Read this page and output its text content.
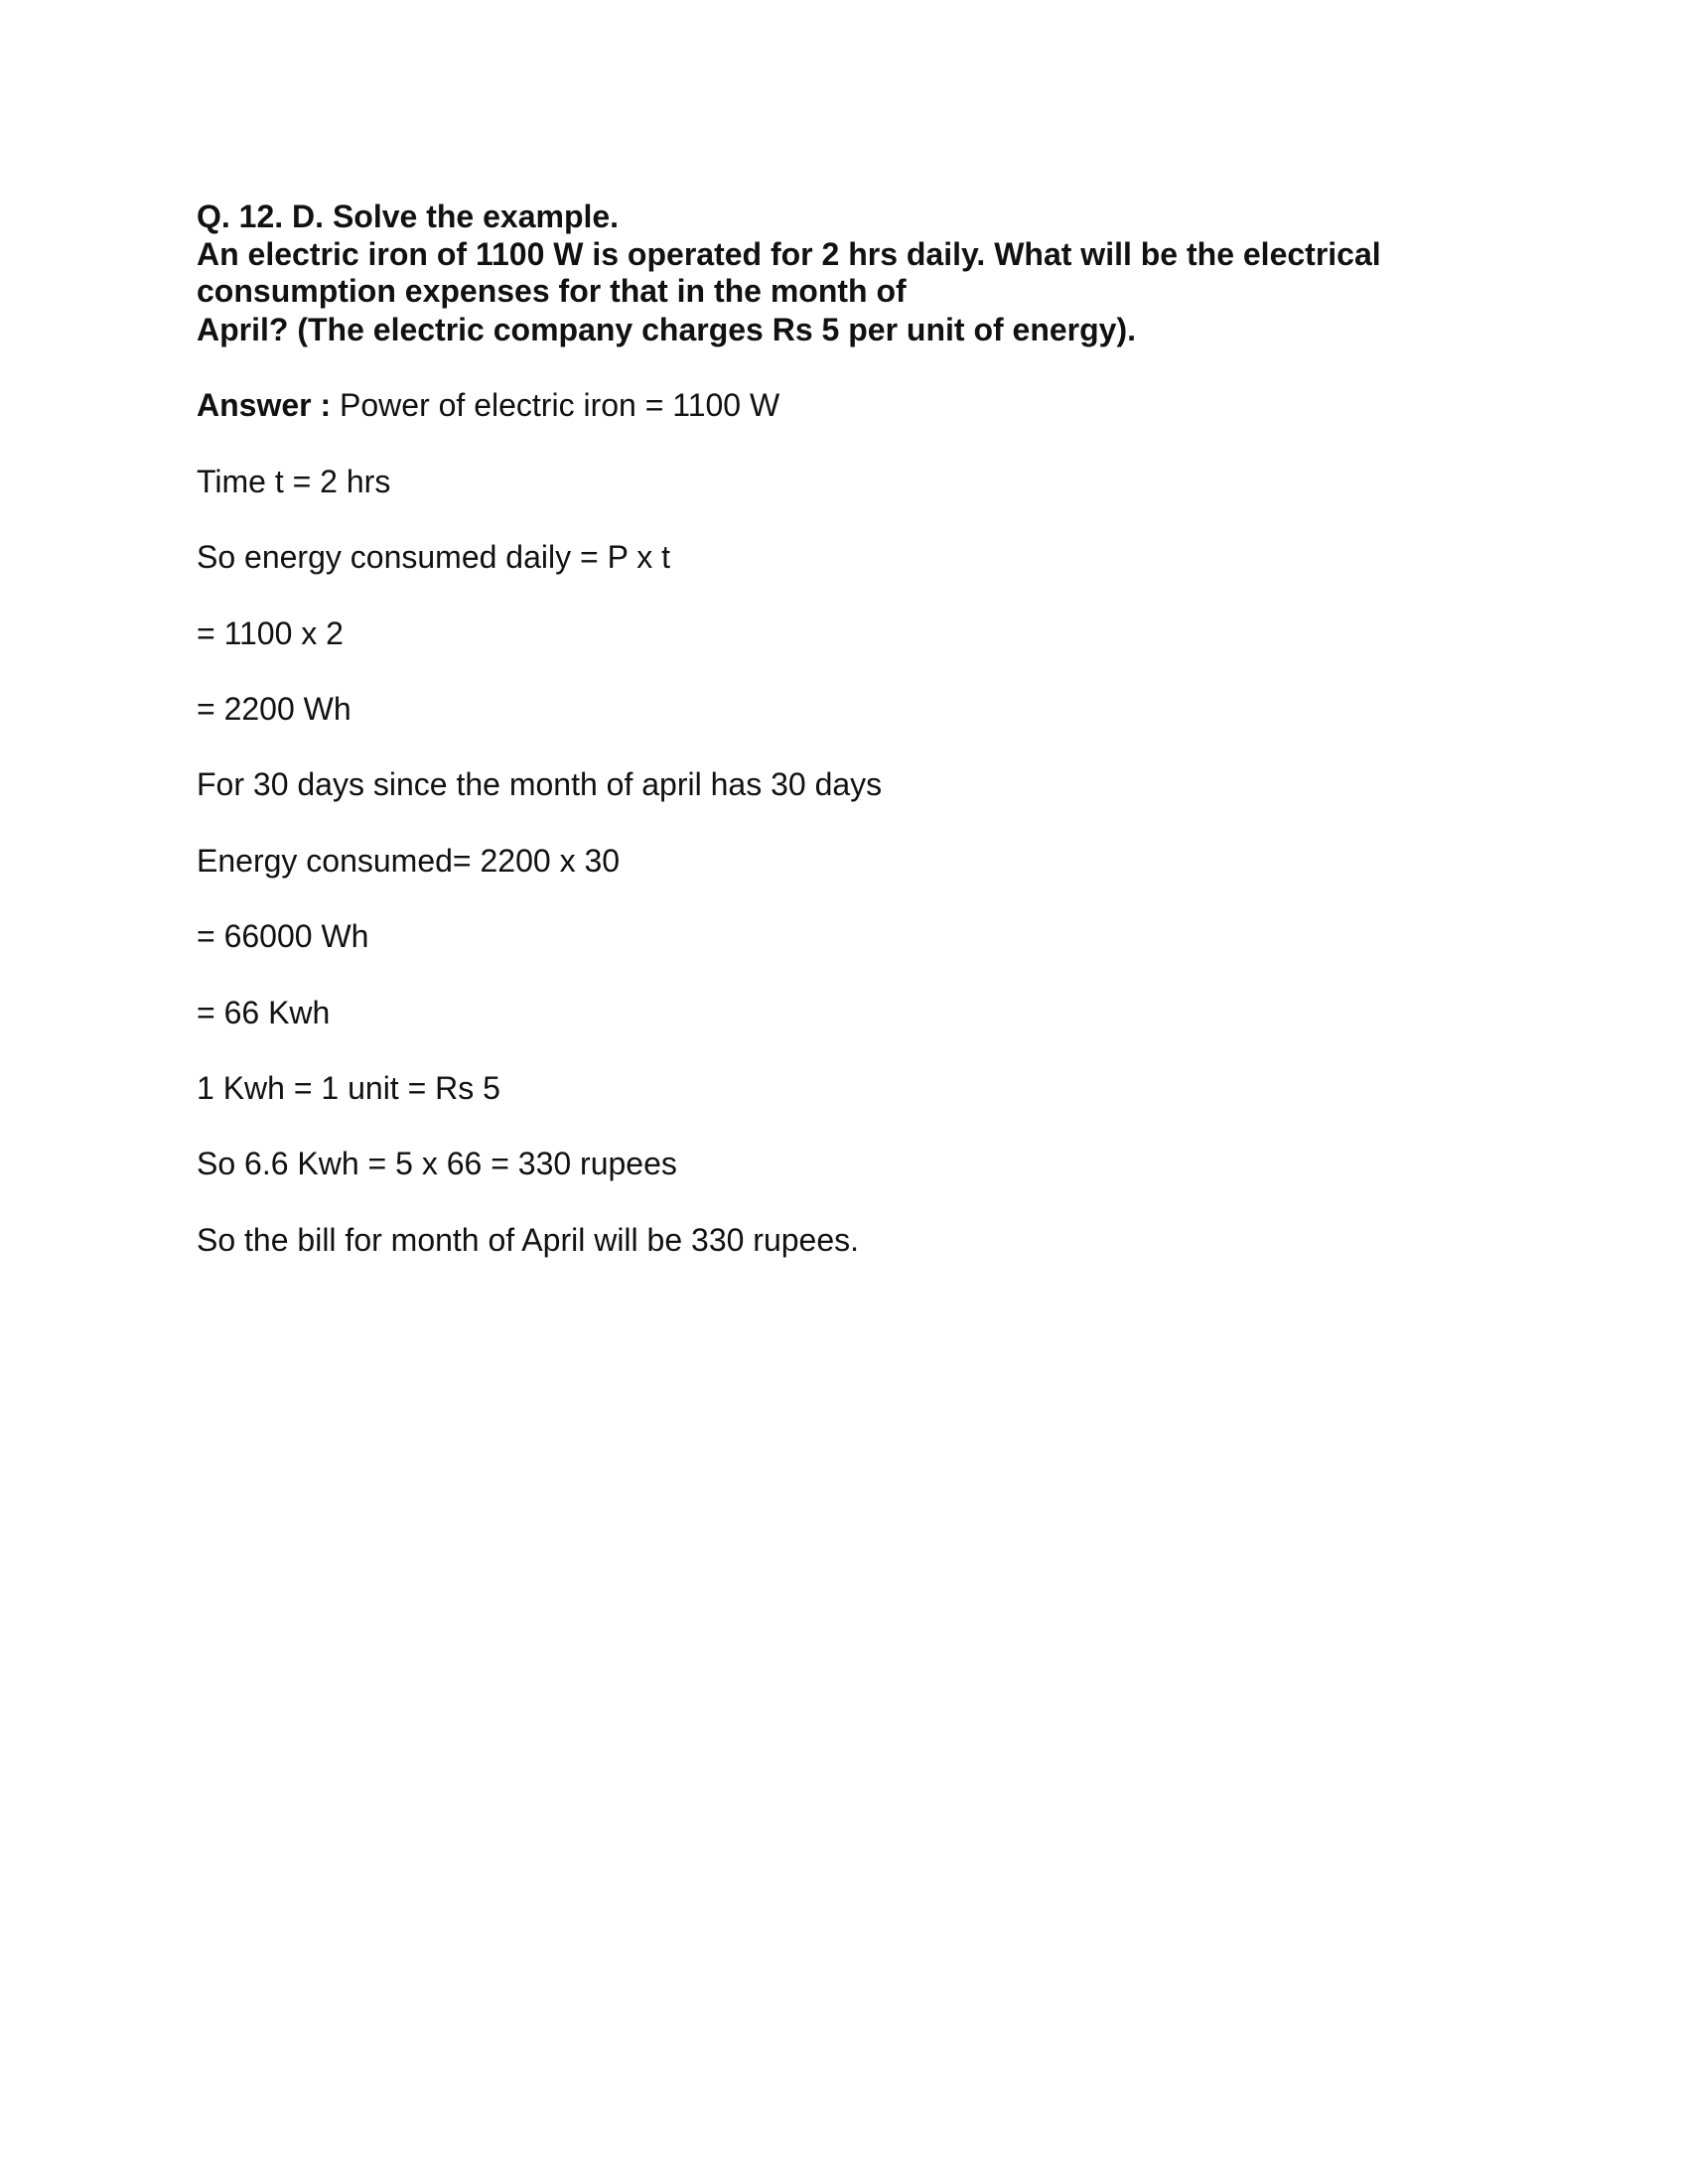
Q. 12. D. Solve the example.
An electric iron of 1100 W is operated for 2 hrs daily. What will be the electrical
consumption expenses for that in the month of
April? (The electric company charges Rs 5 per unit of energy).
Answer : Power of electric iron = 1100 W
Time t = 2 hrs
So energy consumed daily = P x t
= 1100 x 2
= 2200 Wh
For 30 days since the month of april has 30 days
Energy consumed= 2200 x 30
= 66000 Wh
= 66 Kwh
1 Kwh = 1 unit = Rs 5
So 6.6 Kwh = 5 x 66 = 330 rupees
So the bill for month of April will be 330 rupees.
